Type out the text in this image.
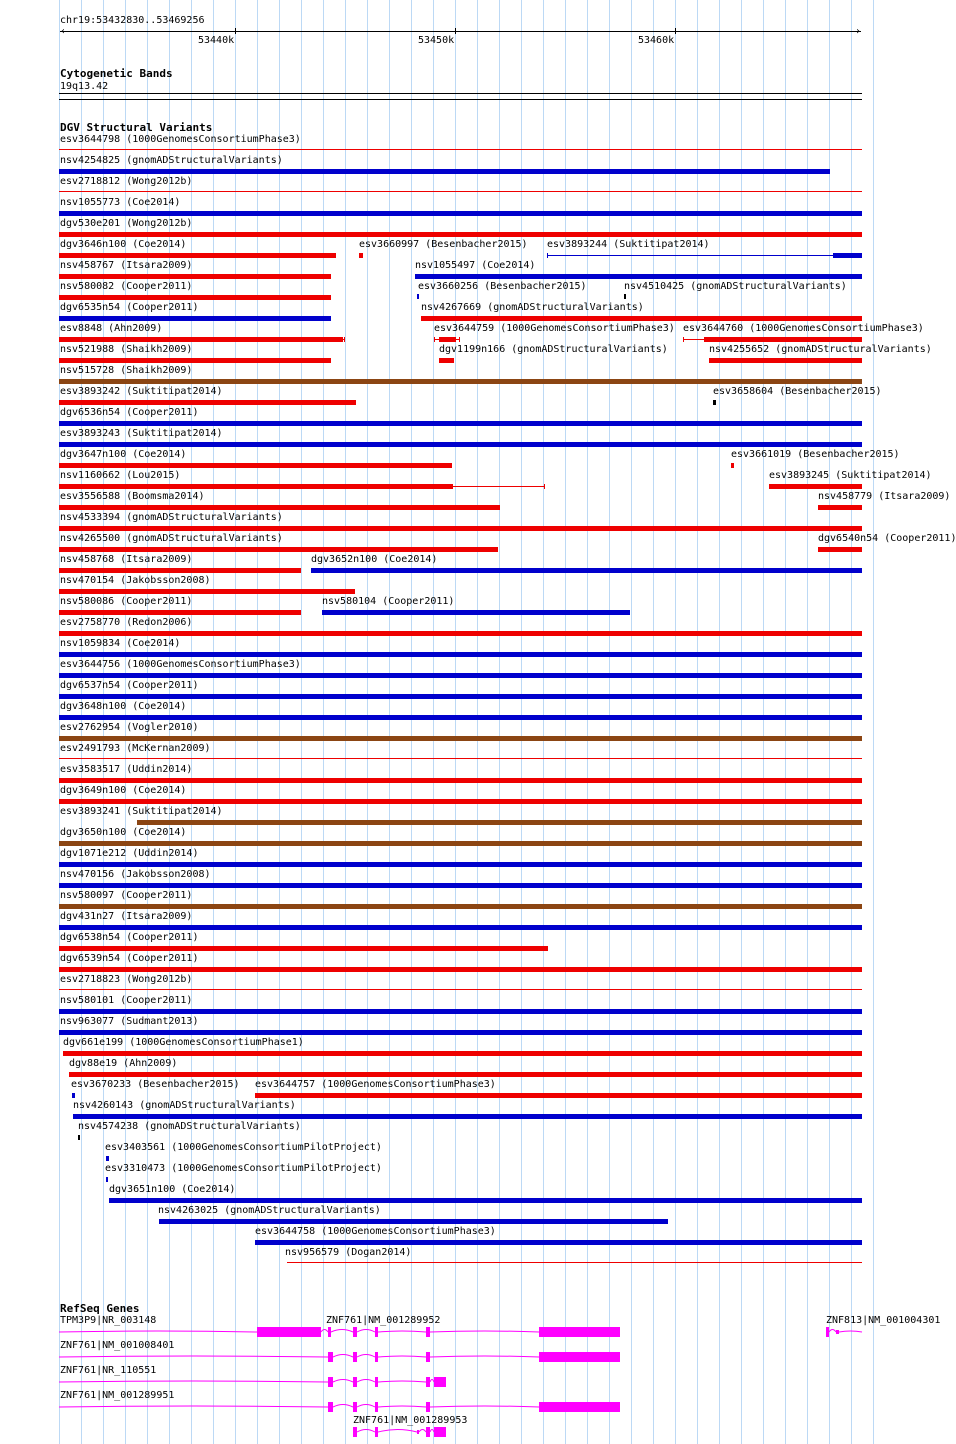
chr19:53432830..53469256
‹	›
53440k	53450k	53460k
Cytogenetic Bands
19q13.42
DGV Structural Variants
RefSeq Genes
esv3644798 (1000GenomesConsortiumPhase3)
nsv4254825 (gnomADStructuralVariants)
esv2718812 (Wong2012b)
nsv1055773 (Coe2014)
dgv530e201 (Wong2012b)
dgv3646n100 (Coe2014)	esv3660997 (Besenbacher2015) esv3893244 (Suktitipat2014)
nsv458767 (Itsara2009)	nsv1055497 (Coe2014)
nsv580082 (Cooper2011)	esv3660256 (Besenbacher2015)	nsv4510425 (gnomADStructuralVariants)
dgv6535n54 (Cooper2011)	nsv4267669 (gnomADStructuralVariants)
esv8848 (Ahn2009)	esv3644759 (1000GenomesConsortiumPhase3) esv3644760 (1000GenomesConsortiumPhase3)
nsv521988 (Shaikh2009)	dgv1199n166 (gnomADStructuralVariants)	nsv4255652 (gnomADStructuralVariants)
nsv515728 (Shaikh2009)
esv3893242 (Suktitipat2014)	esv3658604 (Besenbacher2015)
dgv6536n54 (Cooper2011)
esv3893243 (Suktitipat2014)
dgv3647n100 (Coe2014)	esv3661019 (Besenbacher2015)
nsv1160662 (Lou2015)	esv3893245 (Suktitipat2014)
esv3556588 (Boomsma2014)	nsv458779 (Itsara2009)
nsv4533394 (gnomADStructuralVariants)
nsv4265500 (gnomADStructuralVariants)	dgv6540n54 (Cooper2011)
nsv458768 (Itsara2009)	dgv3652n100 (Coe2014)
nsv470154 (Jakobsson2008)
nsv580086 (Cooper2011)	nsv580104 (Cooper2011)
esv2758770 (Redon2006)
nsv1059834 (Coe2014)
esv3644756 (1000GenomesConsortiumPhase3)
dgv6537n54 (Cooper2011)
dgv3648n100 (Coe2014)
esv2762954 (Vogler2010)
esv2491793 (McKernan2009)
esv3583517 (Uddin2014)
dgv3649n100 (Coe2014)
esv3893241 (Suktitipat2014)
dgv3650n100 (Coe2014)
dgv1071e212 (Uddin2014)
nsv470156 (Jakobsson2008)
nsv580097 (Cooper2011)
dgv431n27 (Itsara2009)
dgv6538n54 (Cooper2011)
dgv6539n54 (Cooper2011)
esv2718823 (Wong2012b)
nsv580101 (Cooper2011)
nsv963077 (Sudmant2013)
dgv661e199 (1000GenomesConsortiumPhase1)
dgv88e19 (Ahn2009)
esv3670233 (Besenbacher2015) esv3644757 (1000GenomesConsortiumPhase3)
nsv4260143 (gnomADStructuralVariants)
nsv4574238 (gnomADStructuralVariants)
esv3403561 (1000GenomesConsortiumPilotProject)
esv3310473 (1000GenomesConsortiumPilotProject)
dgv3651n100 (Coe2014)
nsv4263025 (gnomADStructuralVariants)
esv3644758 (1000GenomesConsortiumPhase3)
nsv956579 (Dogan2014)
TPM3P9|NR_003148	ZNF761|NM_001289952	ZNF813|NM_001004301
ZNF761|NM_001008401
ZNF761|NR_110551
ZNF761|NM_001289951
ZNF761|NM_001289953
